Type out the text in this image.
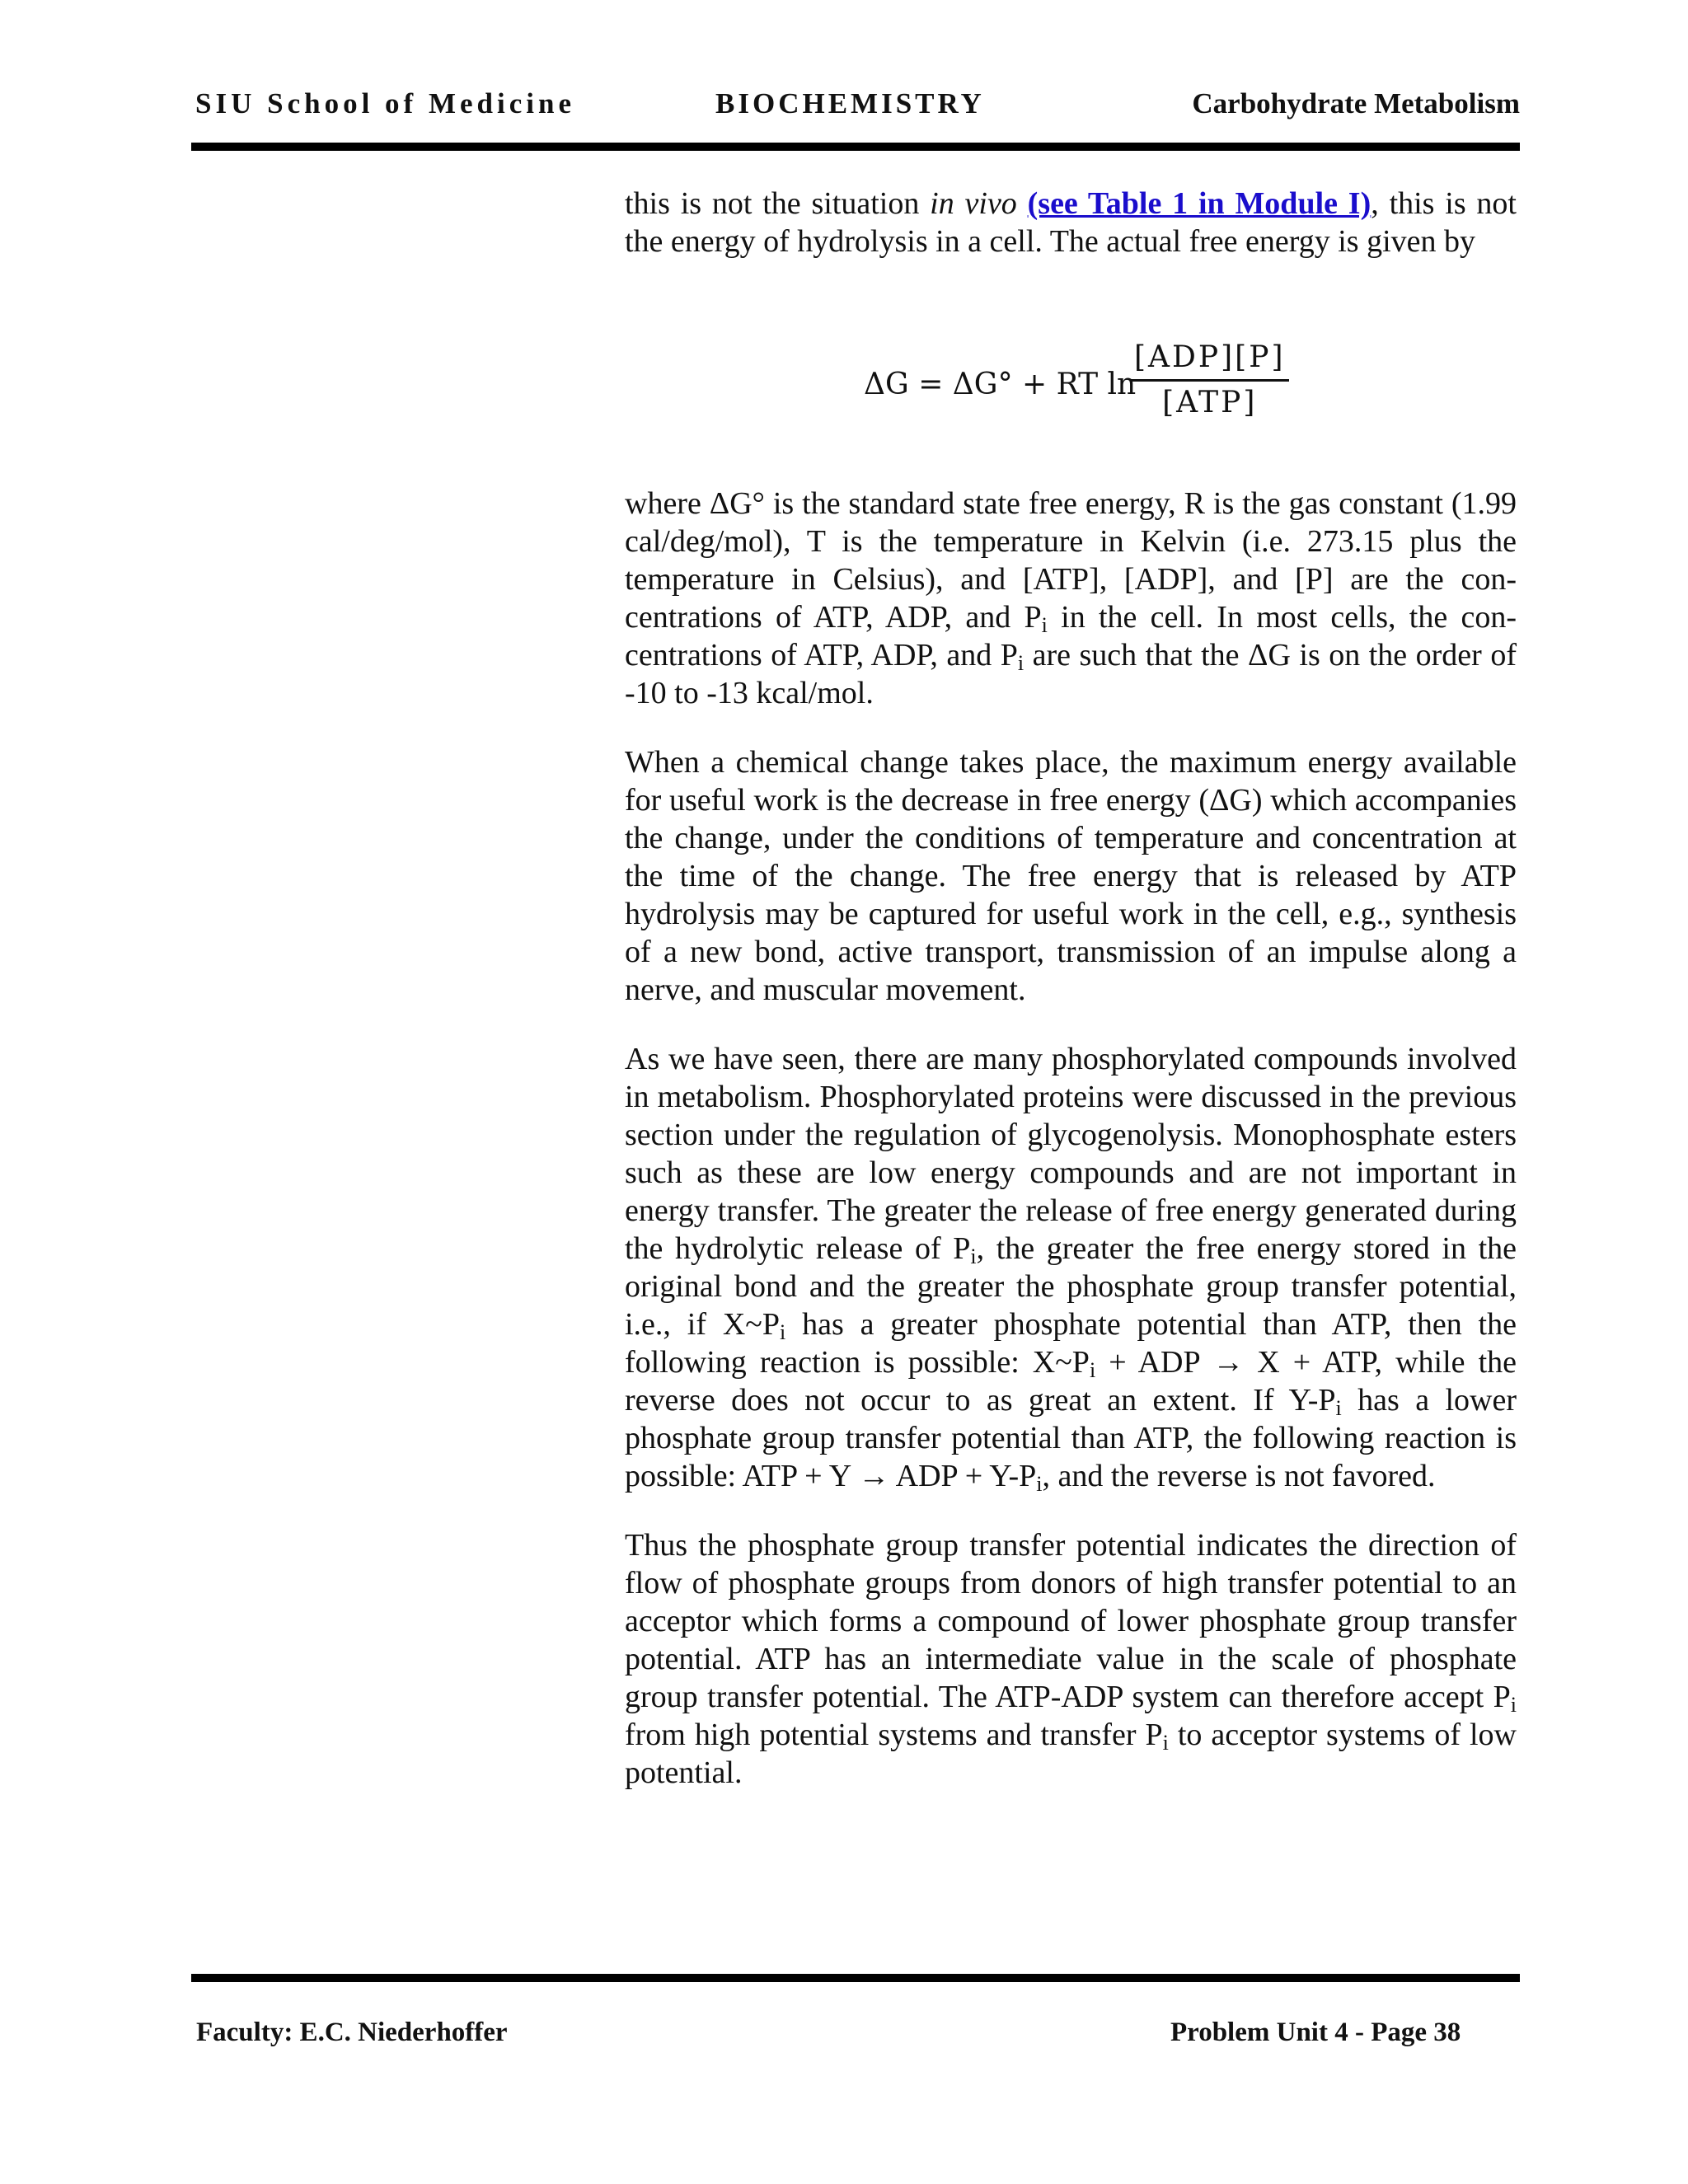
SIU School of Medicine	BIOCHEMISTRY	Carbohydrate Metabolism

this is not the situation in vivo (see Table 1 in Module I), this is not the energy of hydrolysis in a cell. The actual free energy is given by

ΔG = ΔG° + RT ln
[ADP][P]
[ATP]

where ΔG° is the standard state free energy, R is the gas constant (1.99 cal/deg/mol), T is the temperature in Kelvin (i.e. 273.15 plus the temperature in Celsius), and [ATP], [ADP], and [P] are the concentrations of ATP, ADP, and $P_i$ in the cell. In most cells, the concentrations of ATP, ADP, and $P_i$ are such that the ΔG is on the order of -10 to -13 kcal/mol.

When a chemical change takes place, the maximum energy available for useful work is the decrease in free energy (ΔG) which accompanies the change, under the conditions of temperature and concentration at the time of the change. The free energy that is released by ATP hydrolysis may be captured for useful work in the cell, e.g., synthesis of a new bond, active transport, transmission of an impulse along a nerve, and muscular movement.

As we have seen, there are many phosphorylated compounds involved in metabolism. Phosphorylated proteins were discussed in the previous section under the regulation of glycogenolysis. Monophosphate esters such as these are low energy compounds and are not important in energy transfer. The greater the release of free energy generated during the hydrolytic release of $P_i$, the greater the free energy stored in the original bond and the greater the phosphate group transfer potential, i.e., if $X\sim P_i$ has a greater phosphate potential than ATP, then the following reaction is possible: $X\sim P_i$ + ADP → X + ATP, while the reverse does not occur to as great an extent. If $Y-P_i$ has a lower phosphate group transfer potential than ATP, the following reaction is possible: ATP + Y → ADP + $Y-P_i$, and the reverse is not favored.

Thus the phosphate group transfer potential indicates the direction of flow of phosphate groups from donors of high transfer potential to an acceptor which forms a compound of lower phosphate group transfer potential. ATP has an intermediate value in the scale of phosphate group transfer potential. The ATP-ADP system can therefore accept $P_i$ from high potential systems and transfer $P_i$ to acceptor systems of low potential.

Faculty: E.C. Niederhoffer	Problem Unit 4 - Page 38
